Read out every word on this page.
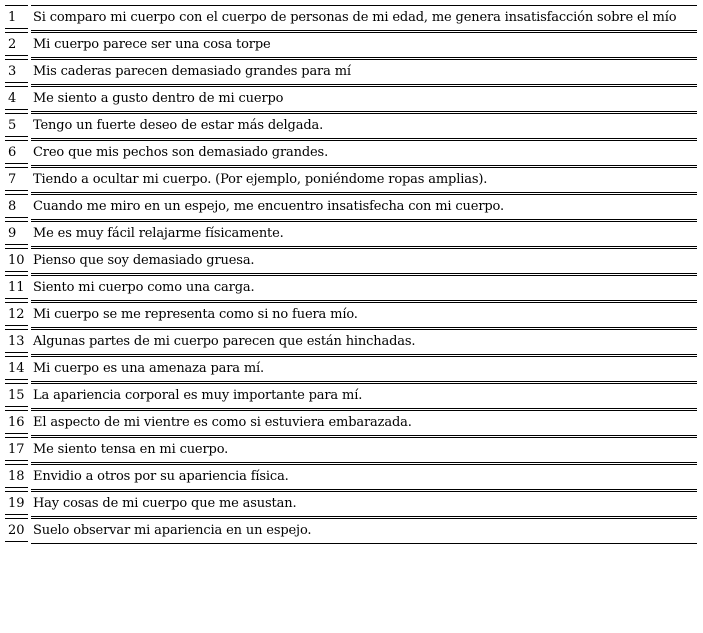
1	Si comparo mi cuerpo con el cuerpo de personas de mi edad, me genera insatisfacción sobre el mío
2	Mi cuerpo parece ser una cosa torpe
3	Mis caderas parecen demasiado grandes para mí
4	Me siento a gusto dentro de mi cuerpo
5	Tengo un fuerte deseo de estar más delgada.
6	Creo que mis pechos son demasiado grandes.
7	Tiendo a ocultar mi cuerpo. (Por ejemplo, poniéndome ropas amplias).
8	Cuando me miro en un espejo, me encuentro insatisfecha con mi cuerpo.
9	Me es muy fácil relajarme físicamente.
10 Pienso que soy demasiado gruesa.
11 Siento mi cuerpo como una carga.
12 Mi cuerpo se me representa como si no fuera mío.
13 Algunas partes de mi cuerpo parecen que están hinchadas.
14 Mi cuerpo es una amenaza para mí.
15 La apariencia corporal es muy importante para mí.
16 El aspecto de mi vientre es como si estuviera embarazada.
17 Me siento tensa en mi cuerpo.
18 Envidio a otros por su apariencia física.
19 Hay cosas de mi cuerpo que me asustan.
20 Suelo observar mi apariencia en un espejo.
